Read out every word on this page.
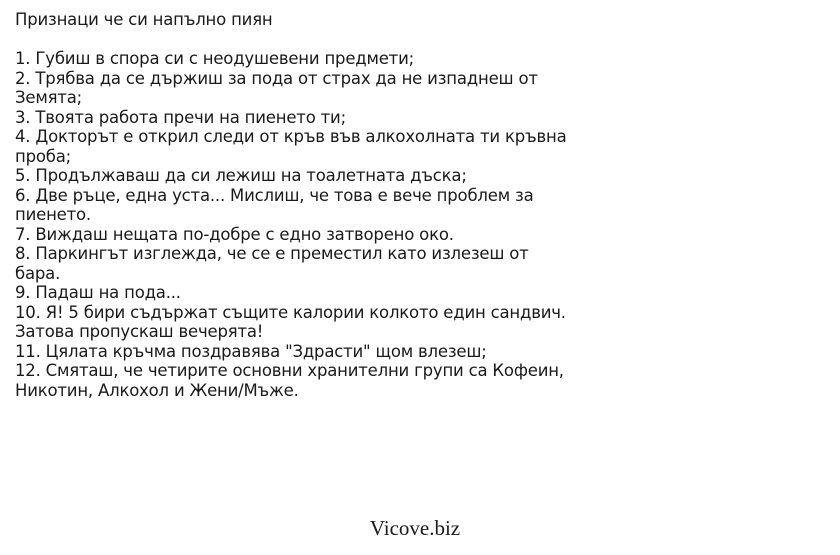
Признаци че си напълно пиян
1. Губиш в спора си с неодушевени предмети;
2. Трябва да се държиш за пода от страх да не изпаднеш от Земята;
3. Твоята работа пречи на пиенето ти;
4. Докторът е открил следи от кръв във алкохолната ти кръвна проба;
5. Продължаваш да си лежиш на тоалетната дъска;
6. Две ръце, една уста... Мислиш, че това е вече проблем за пиенето.
7. Виждаш нещата по-добре с едно затворено око.
8. Паркингът изглежда, че се е преместил като излезеш от бара.
9. Падаш на пода...
10. Я! 5 бири съдържат същите калории колкото един сандвич. Затова пропускаш вечерята!
11. Цялата кръчма поздравява "Здрасти" щом влезеш;
12. Смяташ, че четирите основни хранителни групи са Кофеин, Никотин, Алкохол и Жени/Мъже.
Vicove.biz
